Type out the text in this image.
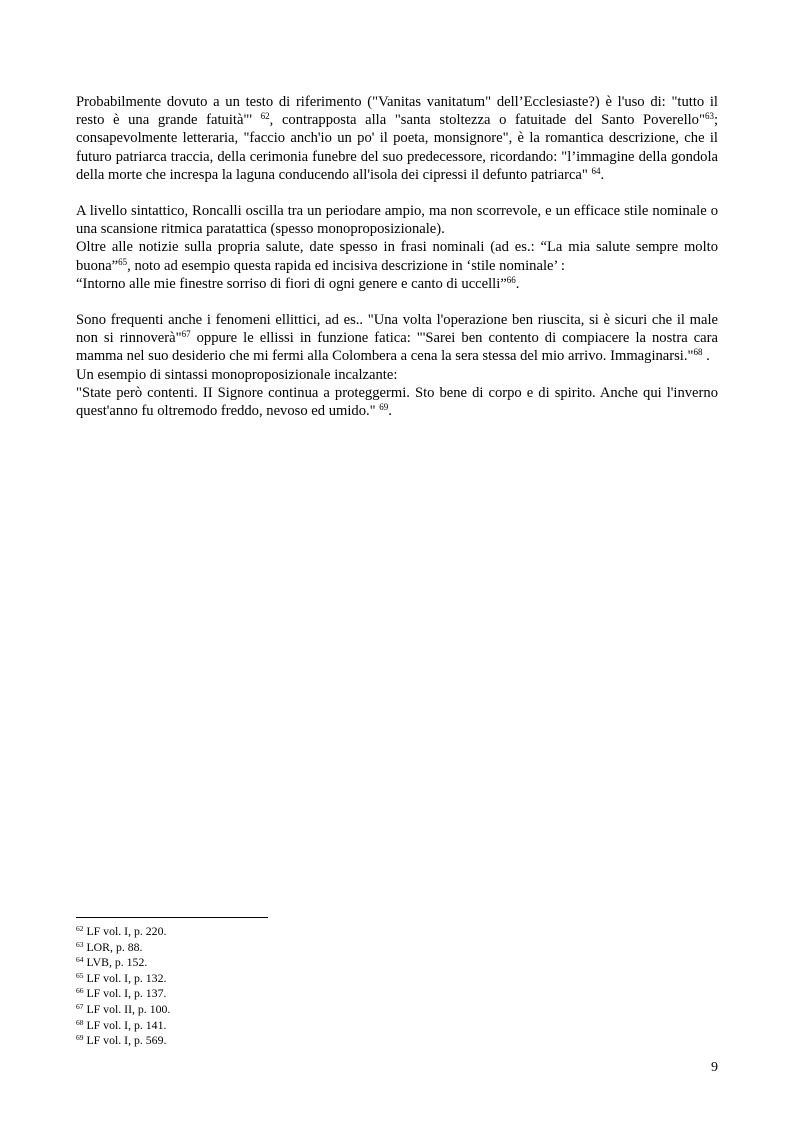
Probabilmente dovuto a un testo di riferimento ("Vanitas vanitatum" dell’Ecclesiaste?) è l'uso di: "tutto il resto è una grande fatuità"' $^{62}$, contrapposta alla "santa stoltezza o fatuitade del Santo Poverello"$^{63}$; consapevolmente letteraria, "faccio anch'io un po' il poeta, monsignore", è la romantica descrizione, che il futuro patriarca traccia, della cerimonia funebre del suo predecessore, ricordando: "l’immagine della gondola della morte che increspa la laguna conducendo all'isola dei cipressi il defunto patriarca" $^{64}$.

A livello sintattico, Roncalli oscilla tra un periodare ampio, ma non scorrevole, e un efficace stile nominale o una scansione ritmica paratattica (spesso monoproposizionale).

Oltre alle notizie sulla propria salute, date spesso in frasi nominali (ad es.: “La mia salute sempre molto buona”$^{65}$, noto ad esempio questa rapida ed incisiva descrizione in ‘stile nominale’ :

“Intorno alle mie finestre sorriso di fiori di ogni genere e canto di uccelli”$^{66}$.

Sono frequenti anche i fenomeni ellittici, ad es.. "Una volta l'operazione ben riuscita, si è sicuri che il male non si rinnoverà"$^{67}$ oppure le ellissi in funzione fatica: "'Sarei ben contento di compiacere la nostra cara mamma nel suo desiderio che mi fermi alla Colombera a cena la sera stessa del mio arrivo. Immaginarsi."$^{68}$ .

Un esempio di sintassi monoproposizionale incalzante:

"State però contenti. II Signore continua a proteggermi. Sto bene di corpo e di spirito. Anche qui l'inverno quest'anno fu oltremodo freddo, nevoso ed umido." $^{69}$.

$^{62}$ LF vol. I, p. 220.
$^{63}$ LOR, p. 88.
$^{64}$ LVB, p. 152.
$^{65}$ LF vol. I, p. 132.
$^{66}$ LF vol. I, p. 137.
$^{67}$ LF vol. II, p. 100.
$^{68}$ LF vol. I, p. 141.
$^{69}$ LF vol. I, p. 569.
9
